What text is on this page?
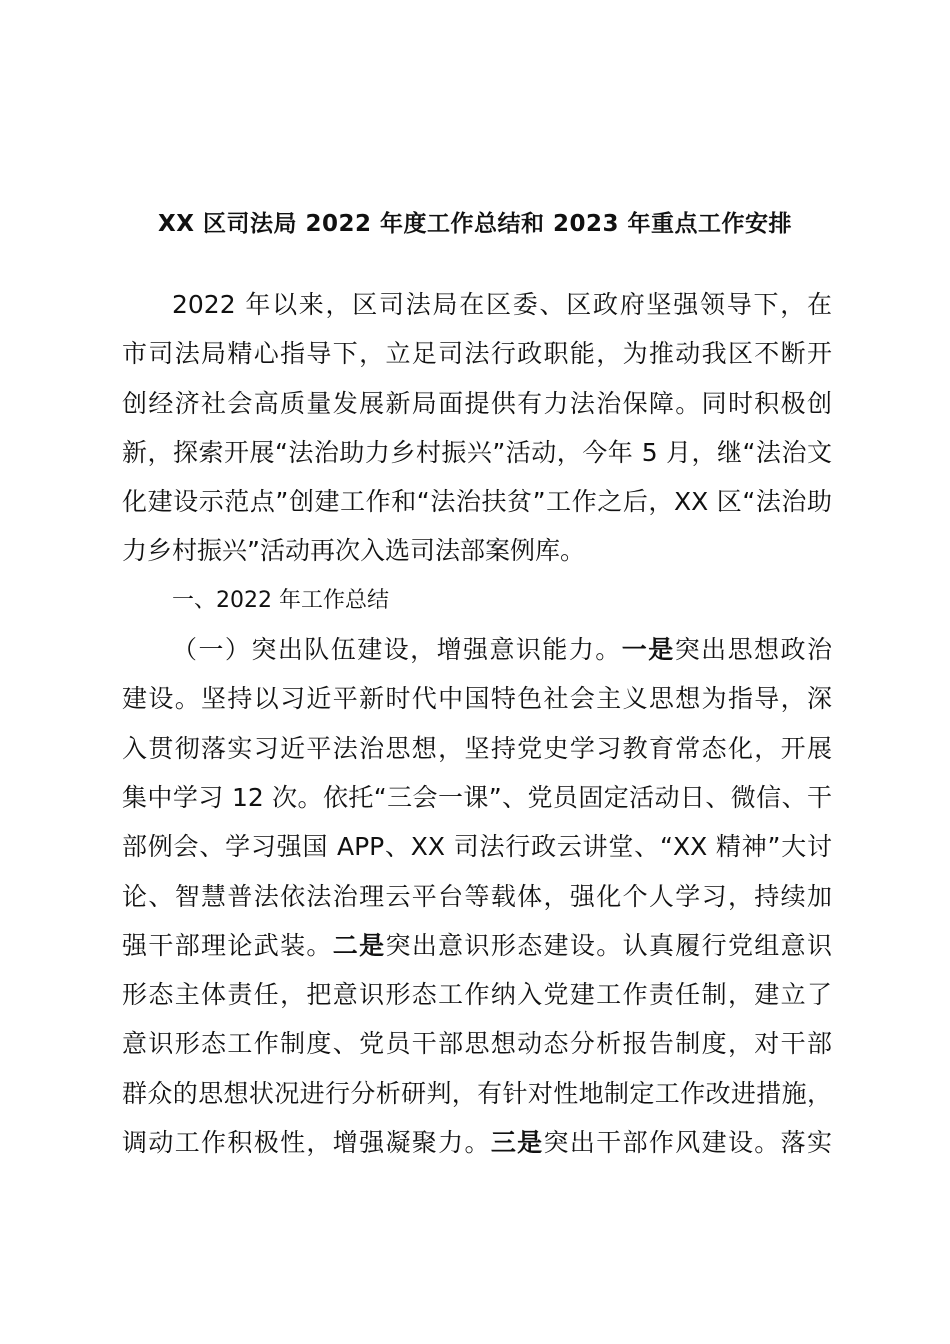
XX 区司法局 2022 年度工作总结和 2023 年重点工作安排
2022 年以来，区司法局在区委、区政府坚强领导下，在
市司法局精心指导下，立足司法行政职能，为推动我区不断开
创经济社会高质量发展新局面提供有力法治保障。同时积极创
新，探索开展“法治助力乡村振兴”活动，今年 5 月，继“法治文
化建设示范点”创建工作和“法治扶贫”工作之后，XX 区“法治助
力乡村振兴”活动再次入选司法部案例库。
一、2022 年工作总结
（一）突出队伍建设，增强意识能力。一是突出思想政治
建设。坚持以习近平新时代中国特色社会主义思想为指导，深
入贯彻落实习近平法治思想，坚持党史学习教育常态化，开展
集中学习 12 次。依托“三会一课”、党员固定活动日、微信、干
部例会、学习强国 APP、XX 司法行政云讲堂、“XX 精神”大讨
论、智慧普法依法治理云平台等载体，强化个人学习，持续加
强干部理论武装。二是突出意识形态建设。认真履行党组意识
形态主体责任，把意识形态工作纳入党建工作责任制，建立了
意识形态工作制度、党员干部思想动态分析报告制度，对干部
群众的思想状况进行分析研判，有针对性地制定工作改进措施，
调动工作积极性，增强凝聚力。三是突出干部作风建设。落实
